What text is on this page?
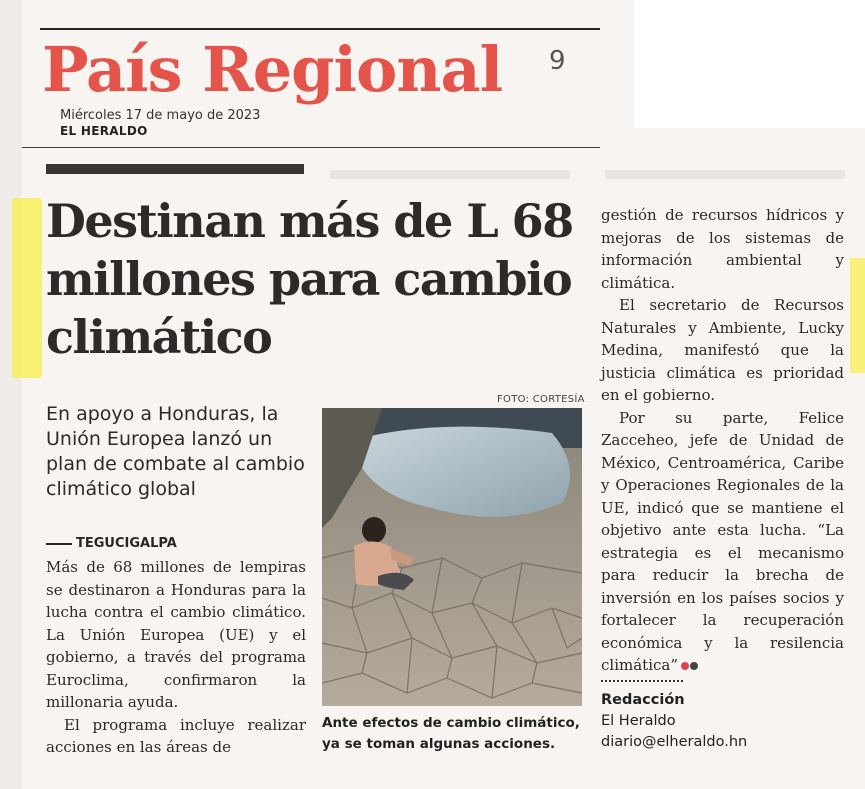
País Regional 9
Miércoles 17 de mayo de 2023
EL HERALDO
Destinan más de L 68 millones para cambio climático

En apoyo a Honduras, la Unión Europea lanzó un plan de combate al cambio climático global

TEGUCIGALPA

Más de 68 millones de lempiras se destinaron a Honduras para la lucha contra el cambio climático. La Unión Europea (UE) y el gobierno, a través del programa Euroclima, confirmaron la millonaria ayuda.

El programa incluye realizar acciones en las áreas de

FOTO: CORTESÍA

Ante efectos de cambio climático, ya se toman algunas acciones.

gestión de recursos hídricos y mejoras de los sistemas de información ambiental y climática.

El secretario de Recursos Naturales y Ambiente, Lucky Medina, manifestó que la justicia climática es prioridad en el gobierno.

Por su parte, Felice Zacceheo, jefe de Unidad de México, Centroamérica, Caribe y Operaciones Regionales de la UE, indicó que se mantiene el objetivo ante esta lucha. “La estrategia es el mecanismo para reducir la brecha de inversión en los países socios y fortalecer la recuperación económica y la resilencia climática”

Redacción
El Heraldo
diario@elheraldo.hn
